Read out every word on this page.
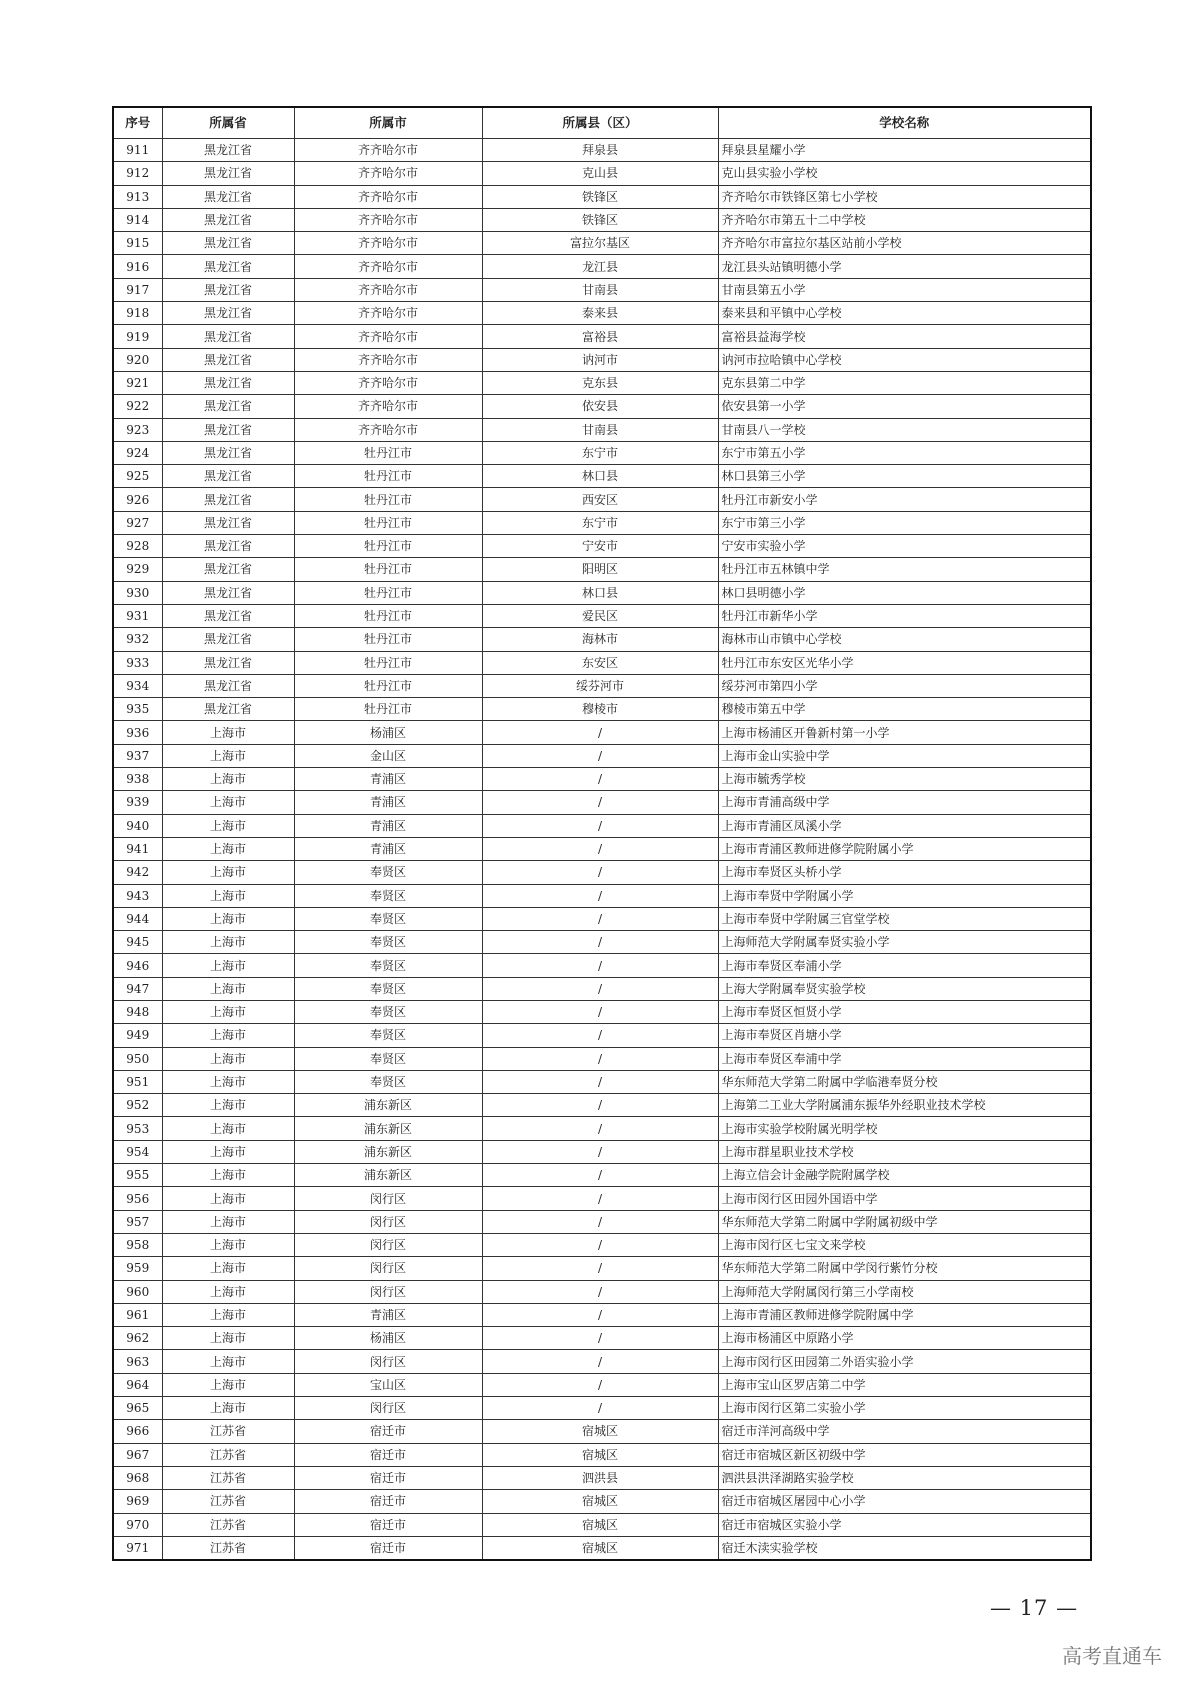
序号	所属省	所属市	所属县（区）	学校名称
911	黑龙江省	齐齐哈尔市	拜泉县	拜泉县星耀小学
912	黑龙江省	齐齐哈尔市	克山县	克山县实验小学校
913	黑龙江省	齐齐哈尔市	铁锋区	齐齐哈尔市铁锋区第七小学校
914	黑龙江省	齐齐哈尔市	铁锋区	齐齐哈尔市第五十二中学校
915	黑龙江省	齐齐哈尔市	富拉尔基区	齐齐哈尔市富拉尔基区站前小学校
916	黑龙江省	齐齐哈尔市	龙江县	龙江县头站镇明德小学
917	黑龙江省	齐齐哈尔市	甘南县	甘南县第五小学
918	黑龙江省	齐齐哈尔市	泰来县	泰来县和平镇中心学校
919	黑龙江省	齐齐哈尔市	富裕县	富裕县益海学校
920	黑龙江省	齐齐哈尔市	讷河市	讷河市拉哈镇中心学校
921	黑龙江省	齐齐哈尔市	克东县	克东县第二中学
922	黑龙江省	齐齐哈尔市	依安县	依安县第一小学
923	黑龙江省	齐齐哈尔市	甘南县	甘南县八一学校
924	黑龙江省	牡丹江市	东宁市	东宁市第五小学
925	黑龙江省	牡丹江市	林口县	林口县第三小学
926	黑龙江省	牡丹江市	西安区	牡丹江市新安小学
927	黑龙江省	牡丹江市	东宁市	东宁市第三小学
928	黑龙江省	牡丹江市	宁安市	宁安市实验小学
929	黑龙江省	牡丹江市	阳明区	牡丹江市五林镇中学
930	黑龙江省	牡丹江市	林口县	林口县明德小学
931	黑龙江省	牡丹江市	爱民区	牡丹江市新华小学
932	黑龙江省	牡丹江市	海林市	海林市山市镇中心学校
933	黑龙江省	牡丹江市	东安区	牡丹江市东安区光华小学
934	黑龙江省	牡丹江市	绥芬河市	绥芬河市第四小学
935	黑龙江省	牡丹江市	穆棱市	穆棱市第五中学
936	上海市	杨浦区	/	上海市杨浦区开鲁新村第一小学
937	上海市	金山区	/	上海市金山实验中学
938	上海市	青浦区	/	上海市毓秀学校
939	上海市	青浦区	/	上海市青浦高级中学
940	上海市	青浦区	/	上海市青浦区凤溪小学
941	上海市	青浦区	/	上海市青浦区教师进修学院附属小学
942	上海市	奉贤区	/	上海市奉贤区头桥小学
943	上海市	奉贤区	/	上海市奉贤中学附属小学
944	上海市	奉贤区	/	上海市奉贤中学附属三官堂学校
945	上海市	奉贤区	/	上海师范大学附属奉贤实验小学
946	上海市	奉贤区	/	上海市奉贤区奉浦小学
947	上海市	奉贤区	/	上海大学附属奉贤实验学校
948	上海市	奉贤区	/	上海市奉贤区恒贤小学
949	上海市	奉贤区	/	上海市奉贤区肖塘小学
950	上海市	奉贤区	/	上海市奉贤区奉浦中学
951	上海市	奉贤区	/	华东师范大学第二附属中学临港奉贤分校
952	上海市	浦东新区	/	上海第二工业大学附属浦东振华外经职业技术学校
953	上海市	浦东新区	/	上海市实验学校附属光明学校
954	上海市	浦东新区	/	上海市群星职业技术学校
955	上海市	浦东新区	/	上海立信会计金融学院附属学校
956	上海市	闵行区	/	上海市闵行区田园外国语中学
957	上海市	闵行区	/	华东师范大学第二附属中学附属初级中学
958	上海市	闵行区	/	上海市闵行区七宝文来学校
959	上海市	闵行区	/	华东师范大学第二附属中学闵行紫竹分校
960	上海市	闵行区	/	上海师范大学附属闵行第三小学南校
961	上海市	青浦区	/	上海市青浦区教师进修学院附属中学
962	上海市	杨浦区	/	上海市杨浦区中原路小学
963	上海市	闵行区	/	上海市闵行区田园第二外语实验小学
964	上海市	宝山区	/	上海市宝山区罗店第二中学
965	上海市	闵行区	/	上海市闵行区第二实验小学
966	江苏省	宿迁市	宿城区	宿迁市洋河高级中学
967	江苏省	宿迁市	宿城区	宿迁市宿城区新区初级中学
968	江苏省	宿迁市	泗洪县	泗洪县洪泽湖路实验学校
969	江苏省	宿迁市	宿城区	宿迁市宿城区屠园中心小学
970	江苏省	宿迁市	宿城区	宿迁市宿城区实验小学
971	江苏省	宿迁市	宿城区	宿迁木渎实验学校
— 17 —
高考直通车
